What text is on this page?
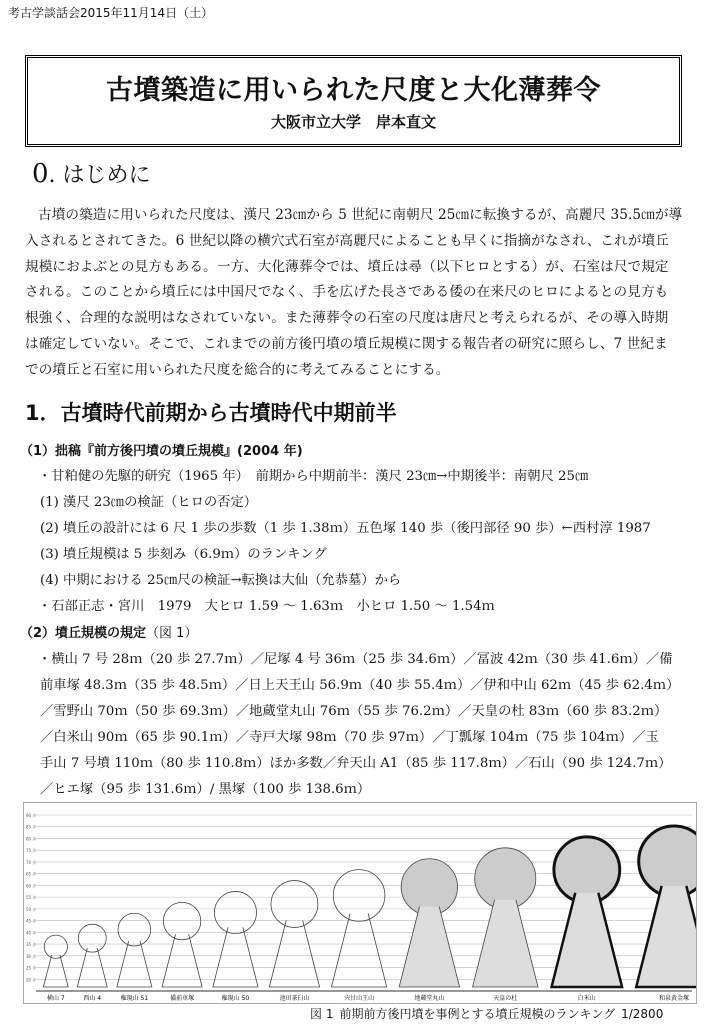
考古学談話会2015年11月14日（土）
古墳築造に用いられた尺度と大化薄葬令
大阪市立大学　岸本直文
0. はじめに
古墳の築造に用いられた尺度は、漢尺 23㎝から 5 世紀に南朝尺 25㎝に転換するが、高麗尺 35.5㎝が導
入されるとされてきた。6 世紀以降の横穴式石室が高麗尺によることも早くに指摘がなされ、これが墳丘
規模におよぶとの見方もある。一方、大化薄葬令では、墳丘は尋（以下ヒロとする）が、石室は尺で規定
される。このことから墳丘には中国尺でなく、手を広げた長さである倭の在来尺のヒロによるとの見方も
根強く、合理的な説明はなされていない。また薄葬令の石室の尺度は唐尺と考えられるが、その導入時期
は確定していない。そこで、これまでの前方後円墳の墳丘規模に関する報告者の研究に照らし、7 世紀ま
での墳丘と石室に用いられた尺度を総合的に考えてみることにする。
1．古墳時代前期から古墳時代中期前半
（1）拙稿『前方後円墳の墳丘規模』(2004 年)
・甘粕健の先駆的研究（1965 年）　前期から中期前半：漢尺 23㎝→中期後半：南朝尺 25㎝
(1) 漢尺 23㎝の検証（ヒロの否定）
(2) 墳丘の設計には 6 尺 1 歩の歩数（1 歩 1.38ｍ）五色塚 140 歩（後円部径 90 歩）←西村淳 1987
(3) 墳丘規模は 5 歩刻み（6.9ｍ）のランキング
(4) 中期における 25㎝尺の検証→転換は大仙（允恭墓）から
・石部正志・宮川　1979　大ヒロ 1.59 ～ 1.63ｍ　小ヒロ 1.50 ～ 1.54ｍ
（2）墳丘規模の規定（図 1）
・横山 7 号 28ｍ（20 歩 27.7ｍ）／尼塚 4 号 36ｍ（25 歩 34.6ｍ）／冨波 42ｍ（30 歩 41.6ｍ）／備
前車塚 48.3ｍ（35 歩 48.5ｍ）／日上天王山 56.9ｍ（40 歩 55.4ｍ）／伊和中山 62ｍ（45 歩 62.4ｍ）
／雪野山 70ｍ（50 歩 69.3ｍ）／地蔵堂丸山 76ｍ（55 歩 76.2ｍ）／天皇の杜 83ｍ（60 歩 83.2ｍ）
／白米山 90ｍ（65 歩 90.1ｍ）／寺戸大塚 98ｍ（70 歩 97ｍ）／丁瓢塚 104ｍ（75 歩 104ｍ）／玉
手山 7 号墳 110ｍ（80 歩 110.8ｍ）ほか多数／弁天山 A1（85 歩 117.8ｍ）／石山（90 歩 124.7ｍ）
／ヒエ塚（95 歩 131.6ｍ）/ 黒塚（100 歩 138.6ｍ）
90 歩
85 歩
80 歩
75 歩
70 歩
65 歩
60 歩
55 歩
50 歩
45 歩
40 歩
35 歩
30 歩
25 歩
20 歩
横山 7	西山 4	権現山 51	備前車塚	権現山 50	池田茶臼山	宍甘山王山	地蔵堂丸山	天皇の杜	白米山	和泉黄金塚
図 1 前期前方後円墳を事例とする墳丘規模のランキング 1/2800
